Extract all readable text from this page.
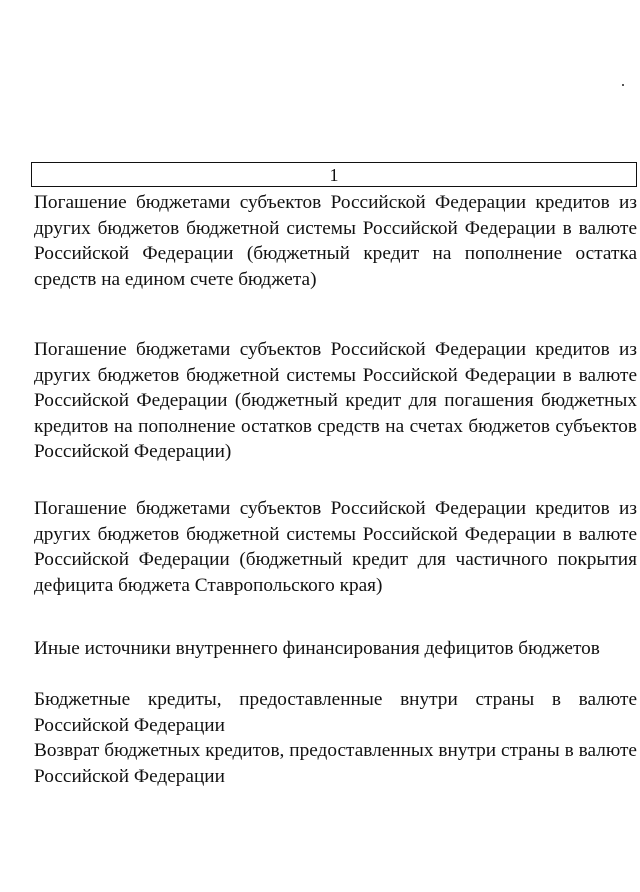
1

Погашение бюджетами субъектов Российской Федерации кредитов из других бюджетов бюджетной системы Российской Федерации в валюте Российской Федерации (бюджетный кредит на пополнение остатка средств на едином счете бюджета)

Погашение бюджетами субъектов Российской Федерации кредитов из других бюджетов бюджетной системы Российской Федерации в валюте Российской Федерации (бюджетный кредит для погашения бюджетных кредитов на пополнение остатков средств на счетах бюджетов субъектов Российской Федерации)

Погашение бюджетами субъектов Российской Федерации кредитов из других бюджетов бюджетной системы Российской Федерации в валюте Российской Федерации (бюджетный кредит для частичного покрытия дефицита бюджета Ставропольского края)

Иные источники внутреннего финансирования дефицитов бюджетов

Бюджетные кредиты, предоставленные внутри страны в валюте Российской Федерации

Возврат бюджетных кредитов, предоставленных внутри страны в валюте Российской Федерации
